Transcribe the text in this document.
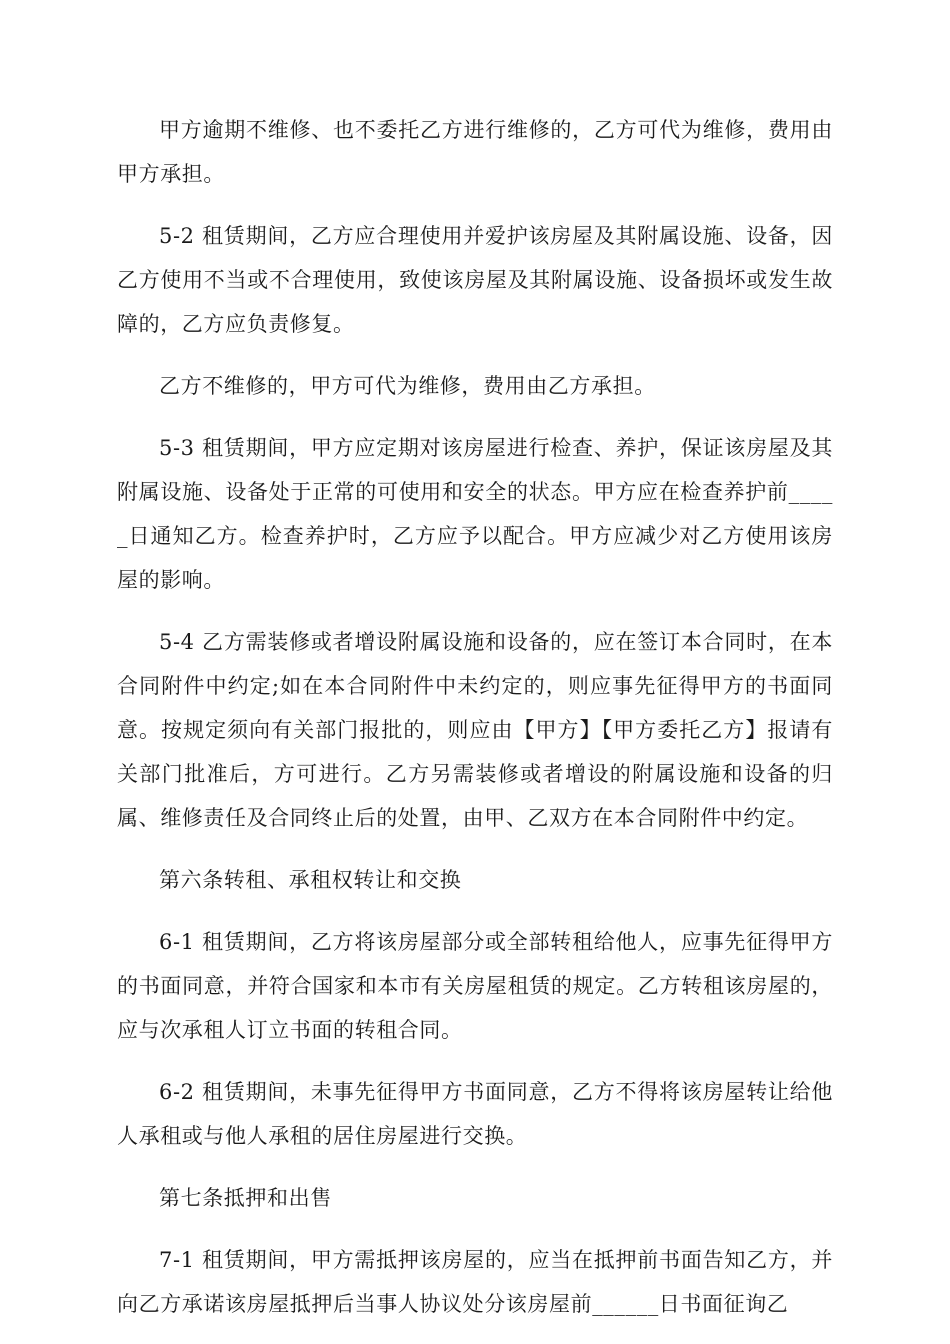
甲方逾期不维修、也不委托乙方进行维修的，乙方可代为维修，费用由甲方承担。

5-2 租赁期间，乙方应合理使用并爱护该房屋及其附属设施、设备，因乙方使用不当或不合理使用，致使该房屋及其附属设施、设备损坏或发生故障的，乙方应负责修复。

乙方不维修的，甲方可代为维修，费用由乙方承担。

5-3 租赁期间，甲方应定期对该房屋进行检查、养护，保证该房屋及其附属设施、设备处于正常的可使用和安全的状态。甲方应在检查养护前_____日通知乙方。检查养护时，乙方应予以配合。甲方应减少对乙方使用该房屋的影响。

5-4 乙方需装修或者增设附属设施和设备的，应在签订本合同时，在本合同附件中约定;如在本合同附件中未约定的，则应事先征得甲方的书面同意。按规定须向有关部门报批的，则应由【甲方】【甲方委托乙方】报请有关部门批准后，方可进行。乙方另需装修或者增设的附属设施和设备的归属、维修责任及合同终止后的处置，由甲、乙双方在本合同附件中约定。

第六条转租、承租权转让和交换

6-1 租赁期间，乙方将该房屋部分或全部转租给他人，应事先征得甲方的书面同意，并符合国家和本市有关房屋租赁的规定。乙方转租该房屋的，应与次承租人订立书面的转租合同。

6-2 租赁期间，未事先征得甲方书面同意，乙方不得将该房屋转让给他人承租或与他人承租的居住房屋进行交换。

第七条抵押和出售

7-1 租赁期间，甲方需抵押该房屋的，应当在抵押前书面告知乙方，并向乙方承诺该房屋抵押后当事人协议处分该房屋前______日书面征询乙
